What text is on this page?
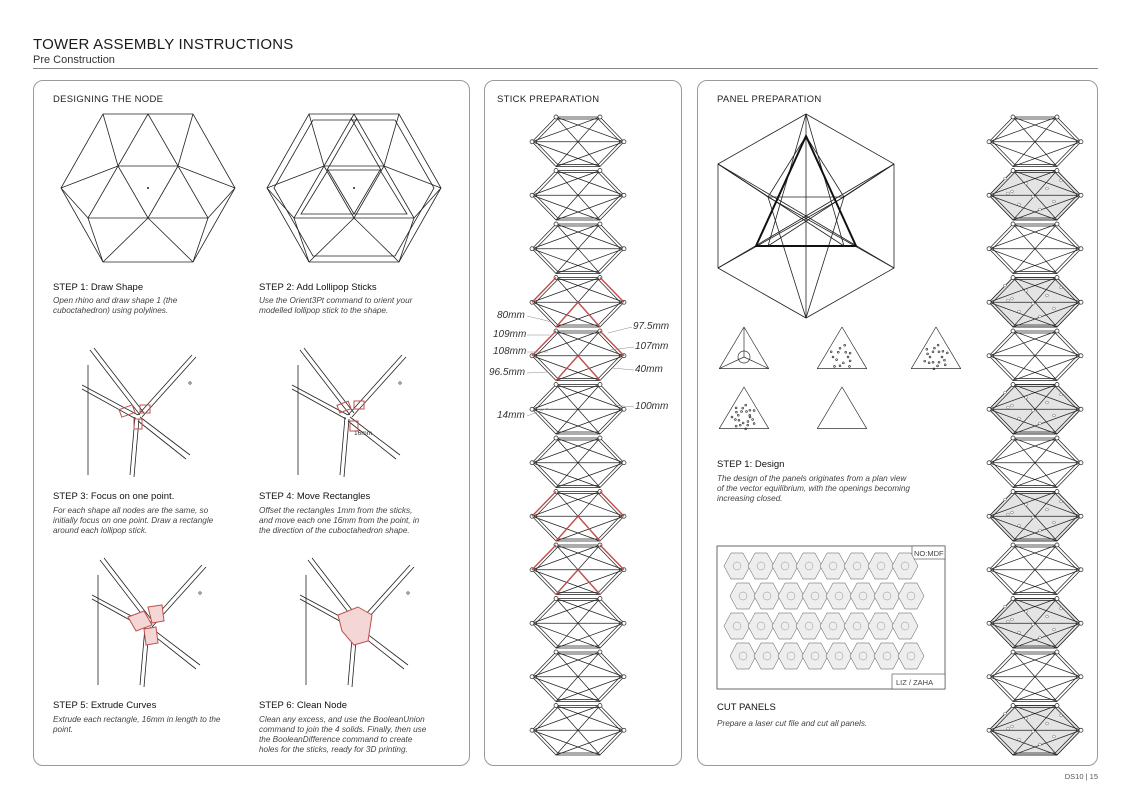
TOWER ASSEMBLY INSTRUCTIONS
Pre Construction
DESIGNING THE NODE
STEP 1: Draw Shape
Open rhino and draw shape 1 (the
cuboctahedron) using polylines.
STEP 2: Add Lollipop Sticks
Use the Orient3Pt command to orient your
modelled lollipop stick to the shape.
16mm
STEP 3: Focus on one point.
For each shape all nodes are the same, so
initially focus on one point. Draw a rectangle
around each lollipop stick.
STEP 4: Move Rectangles
Offset the rectangles 1mm from the sticks,
and move each one 16mm from the point, in
the direction of the cuboctahedron shape.
STEP 5: Extrude Curves
Extrude each rectangle, 16mm in length to the
point.
STEP 6: Clean Node
Clean any excess, and use the BooleanUnion
command to join the 4 solids. Finally, then use
the BooleanDifference command to create
holes for the sticks, ready for 3D printing.
STICK PREPARATION
80mm
109mm
108mm
96.5mm
14mm
97.5mm
107mm
40mm
100mm
PANEL PREPARATION
STEP 1: Design
The design of the panels originates from a plan view
of the vector equilibrium, with the openings becoming
increasing closed.
NO:MDF
LIZ / ZAHA
CUT PANELS
Prepare a laser cut file and cut all panels.
DS10 | 15
